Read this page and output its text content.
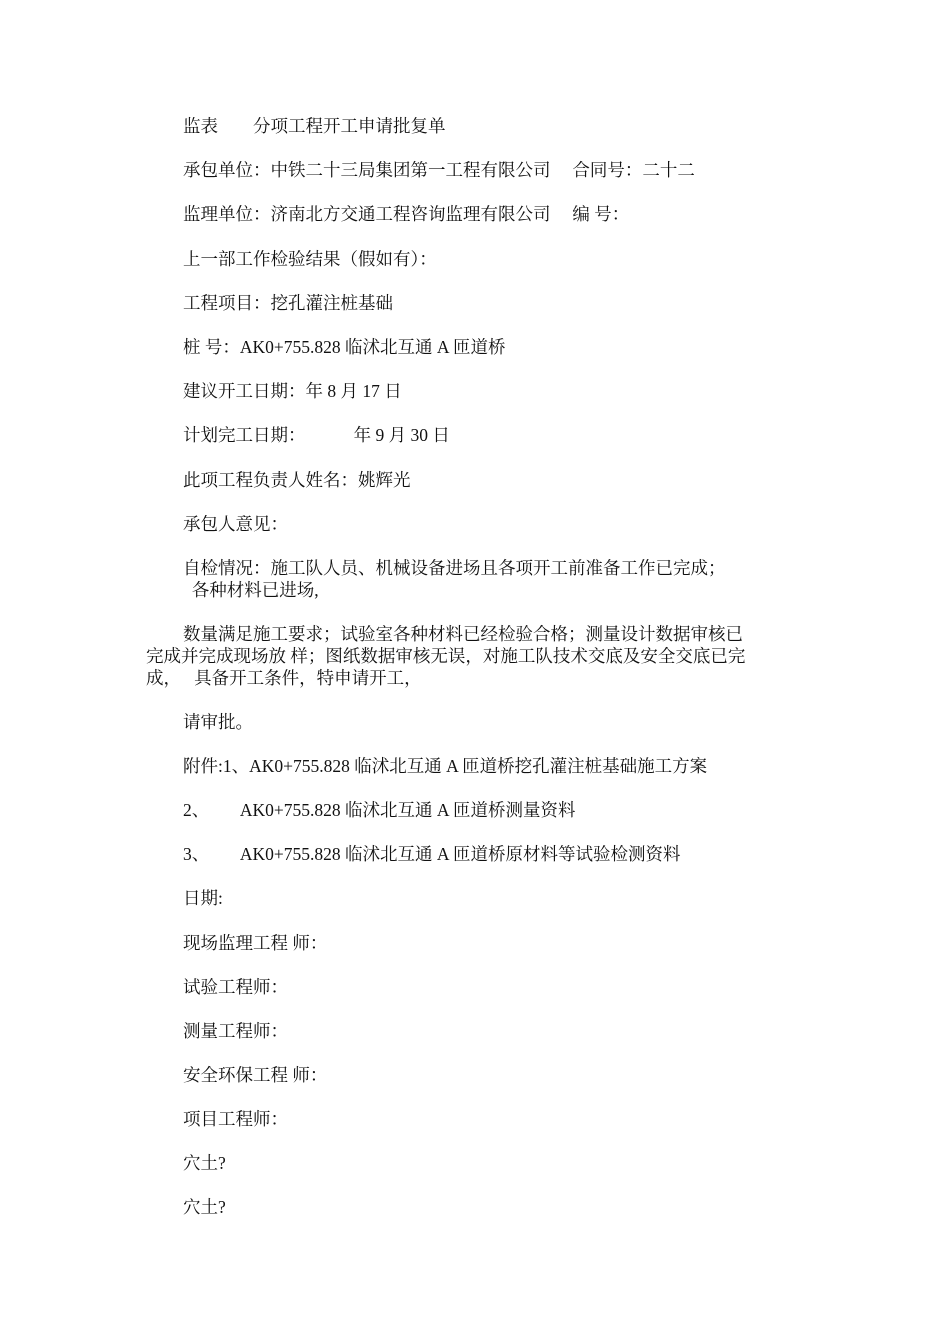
监表　　分项工程开工申请批复单
承包单位：中铁二十三局集团第一工程有限公司　 合同号：二十二
监理单位：济南北方交通工程咨询监理有限公司　 编 号：
上一部工作检验结果（假如有）：
工程项目：挖孔灌注桩基础
桩 号：AK0+755.828 临沭北互通 A 匝道桥
建议开工日期：年 8 月 17 日
计划完工日期：　　　 年 9 月 30 日
此项工程负责人姓名：姚辉光
承包人意见：
自检情况：施工队人员、机械设备进场且各项开工前准备工作已完成；
各种材料已进场,
数量满足施工要求；试验室各种材料已经检验合格；测量设计数据审核已
完成并完成现场放 样；图纸数据审核无误，对施工队技术交底及安全交底已完
成，　 具备开工条件，特申请开工，
请审批。
附件:1、AK0+755.828 临沭北互通 A 匝道桥挖孔灌注桩基础施工方案
2、　　 AK0+755.828 临沭北互通 A 匝道桥测量资料
3、　　 AK0+755.828 临沭北互通 A 匝道桥原材料等试验检测资料
日期:
现场监理工程 师：
试验工程师：
测量工程师：
安全环保工程 师：
项目工程师：
穴土?
穴土?
